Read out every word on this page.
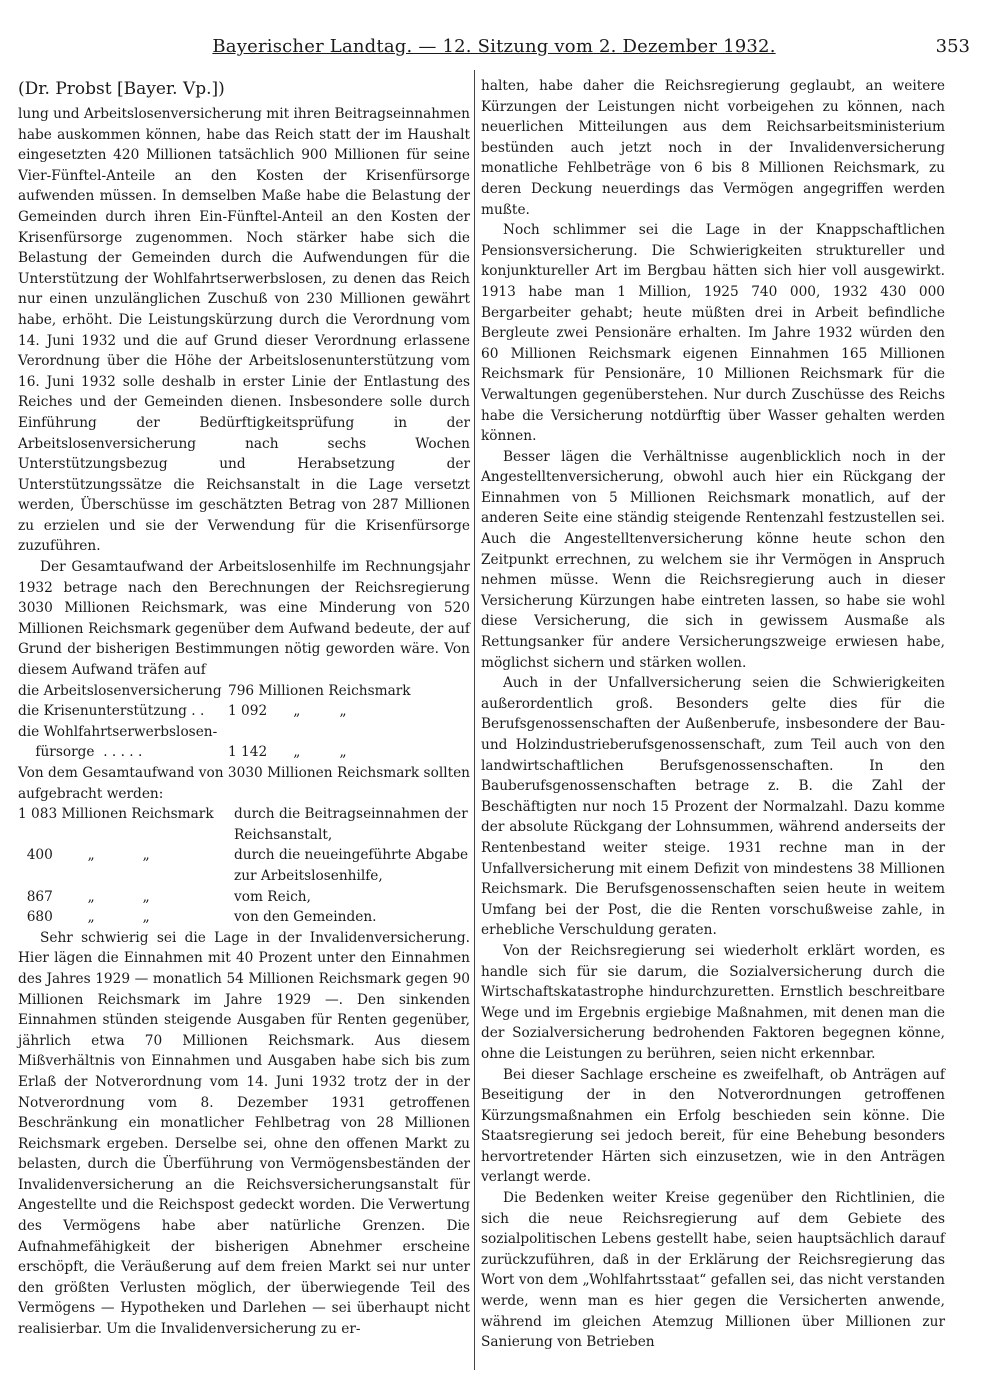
Bayerischer Landtag. — 12. Sitzung vom 2. Dezember 1932.	353
(Dr. Probst [Bayer. Vp.])

lung und Arbeitslosenversicherung mit ihren Beitragseinnahmen habe auskommen können, habe das Reich statt der im Haushalt eingesetzten 420 Millionen tatsächlich 900 Millionen für seine Vier-Fünftel-Anteile an den Kosten der Krisenfürsorge aufwenden müssen. In demselben Maße habe die Belastung der Gemeinden durch ihren Ein-Fünftel-Anteil an den Kosten der Krisenfürsorge zugenommen. Noch stärker habe sich die Belastung der Gemeinden durch die Aufwendungen für die Unterstützung der Wohlfahrtserwerbslosen, zu denen das Reich nur einen unzulänglichen Zuschuß von 230 Millionen gewährt habe, erhöht. Die Leistungskürzung durch die Verordnung vom 14. Juni 1932 und die auf Grund dieser Verordnung erlassene Verordnung über die Höhe der Arbeitslosenunterstützung vom 16. Juni 1932 solle deshalb in erster Linie der Entlastung des Reiches und der Gemeinden dienen. Insbesondere solle durch Einführung der Bedürftigkeitsprüfung in der Arbeitslosenversicherung nach sechs Wochen Unterstützungsbezug und Herabsetzung der Unterstützungssätze die Reichsanstalt in die Lage versetzt werden, Überschüsse im geschätzten Betrag von 287 Millionen zu erzielen und sie der Verwendung für die Krisenfürsorge zuzuführen.

Der Gesamtaufwand der Arbeitslosenhilfe im Rechnungsjahr 1932 betrage nach den Berechnungen der Reichsregierung 3030 Millionen Reichsmark, was eine Minderung von 520 Millionen Reichsmark gegenüber dem Aufwand bedeute, der auf Grund der bisherigen Bestimmungen nötig geworden wäre. Von diesem Aufwand träfen auf

die Arbeitslosenversicherung 796 Millionen Reichsmark
die Krisenunterstützung . .	1 092      „         „
die Wohlfahrtserwerbslosen-
fürsorge  . . . . .	1 142      „         „

Von dem Gesamtaufwand von 3030 Millionen Reichsmark sollten aufgebracht werden:

1 083 Millionen Reichsmark	durch die Beitragseinnahmen der Reichsanstalt,
400        „           „	durch die neueingeführte Abgabe zur Arbeitslosenhilfe,
867        „           „	vom Reich,
680        „           „	von den Gemeinden.

Sehr schwierig sei die Lage in der Invalidenversicherung. Hier lägen die Einnahmen mit 40 Prozent unter den Einnahmen des Jahres 1929 — monatlich 54 Millionen Reichsmark gegen 90 Millionen Reichsmark im Jahre 1929 —. Den sinkenden Einnahmen stünden steigende Ausgaben für Renten gegenüber, jährlich etwa 70 Millionen Reichsmark. Aus diesem Mißverhältnis von Einnahmen und Ausgaben habe sich bis zum Erlaß der Notverordnung vom 14. Juni 1932 trotz der in der Notverordnung vom 8. Dezember 1931 getroffenen Beschränkung ein monatlicher Fehlbetrag von 28 Millionen Reichsmark ergeben. Derselbe sei, ohne den offenen Markt zu belasten, durch die Überführung von Vermögensbeständen der Invalidenversicherung an die Reichsversicherungsanstalt für Angestellte und die Reichspost gedeckt worden. Die Verwertung des Vermögens habe aber natürliche Grenzen. Die Aufnahmefähigkeit der bisherigen Abnehmer erscheine erschöpft, die Veräußerung auf dem freien Markt sei nur unter den größten Verlusten möglich, der überwiegende Teil des Vermögens — Hypotheken und Darlehen — sei überhaupt nicht realisierbar. Um die Invalidenversicherung zu er-

halten, habe daher die Reichsregierung geglaubt, an weitere Kürzungen der Leistungen nicht vorbeigehen zu können, nach neuerlichen Mitteilungen aus dem Reichsarbeitsministerium bestünden auch jetzt noch in der Invalidenversicherung monatliche Fehlbeträge von 6 bis 8 Millionen Reichsmark, zu deren Deckung neuerdings das Vermögen angegriffen werden mußte.

Noch schlimmer sei die Lage in der Knappschaftlichen Pensionsversicherung. Die Schwierigkeiten struktureller und konjunktureller Art im Bergbau hätten sich hier voll ausgewirkt. 1913 habe man 1 Million, 1925 740 000, 1932 430 000 Bergarbeiter gehabt; heute müßten drei in Arbeit befindliche Bergleute zwei Pensionäre erhalten. Im Jahre 1932 würden den 60 Millionen Reichsmark eigenen Einnahmen 165 Millionen Reichsmark für Pensionäre, 10 Millionen Reichsmark für die Verwaltungen gegenüberstehen. Nur durch Zuschüsse des Reichs habe die Versicherung notdürftig über Wasser gehalten werden können.

Besser lägen die Verhältnisse augenblicklich noch in der Angestelltenversicherung, obwohl auch hier ein Rückgang der Einnahmen von 5 Millionen Reichsmark monatlich, auf der anderen Seite eine ständig steigende Rentenzahl festzustellen sei. Auch die Angestelltenversicherung könne heute schon den Zeitpunkt errechnen, zu welchem sie ihr Vermögen in Anspruch nehmen müsse. Wenn die Reichsregierung auch in dieser Versicherung Kürzungen habe eintreten lassen, so habe sie wohl diese Versicherung, die sich in gewissem Ausmaße als Rettungsanker für andere Versicherungszweige erwiesen habe, möglichst sichern und stärken wollen.

Auch in der Unfallversicherung seien die Schwierigkeiten außerordentlich groß. Besonders gelte dies für die Berufsgenossenschaften der Außenberufe, insbesondere der Bau- und Holzindustrieberufsgenossenschaft, zum Teil auch von den landwirtschaftlichen Berufsgenossenschaften. In den Bauberufsgenossenschaften betrage z. B. die Zahl der Beschäftigten nur noch 15 Prozent der Normalzahl. Dazu komme der absolute Rückgang der Lohnsummen, während anderseits der Rentenbestand weiter steige. 1931 rechne man in der Unfallversicherung mit einem Defizit von mindestens 38 Millionen Reichsmark. Die Berufsgenossenschaften seien heute in weitem Umfang bei der Post, die die Renten vorschußweise zahle, in erhebliche Verschuldung geraten.

Von der Reichsregierung sei wiederholt erklärt worden, es handle sich für sie darum, die Sozialversicherung durch die Wirtschaftskatastrophe hindurchzuretten. Ernstlich beschreitbare Wege und im Ergebnis ergiebige Maßnahmen, mit denen man die der Sozialversicherung bedrohenden Faktoren begegnen könne, ohne die Leistungen zu berühren, seien nicht erkennbar.

Bei dieser Sachlage erscheine es zweifelhaft, ob Anträgen auf Beseitigung der in den Notverordnungen getroffenen Kürzungsmaßnahmen ein Erfolg beschieden sein könne. Die Staatsregierung sei jedoch bereit, für eine Behebung besonders hervortretender Härten sich einzusetzen, wie in den Anträgen verlangt werde.

Die Bedenken weiter Kreise gegenüber den Richtlinien, die sich die neue Reichsregierung auf dem Gebiete des sozialpolitischen Lebens gestellt habe, seien hauptsächlich darauf zurückzuführen, daß in der Erklärung der Reichsregierung das Wort von dem „Wohlfahrtsstaat“ gefallen sei, das nicht verstanden werde, wenn man es hier gegen die Versicherten anwende, während im gleichen Atemzug Millionen über Millionen zur Sanierung von Betrieben
